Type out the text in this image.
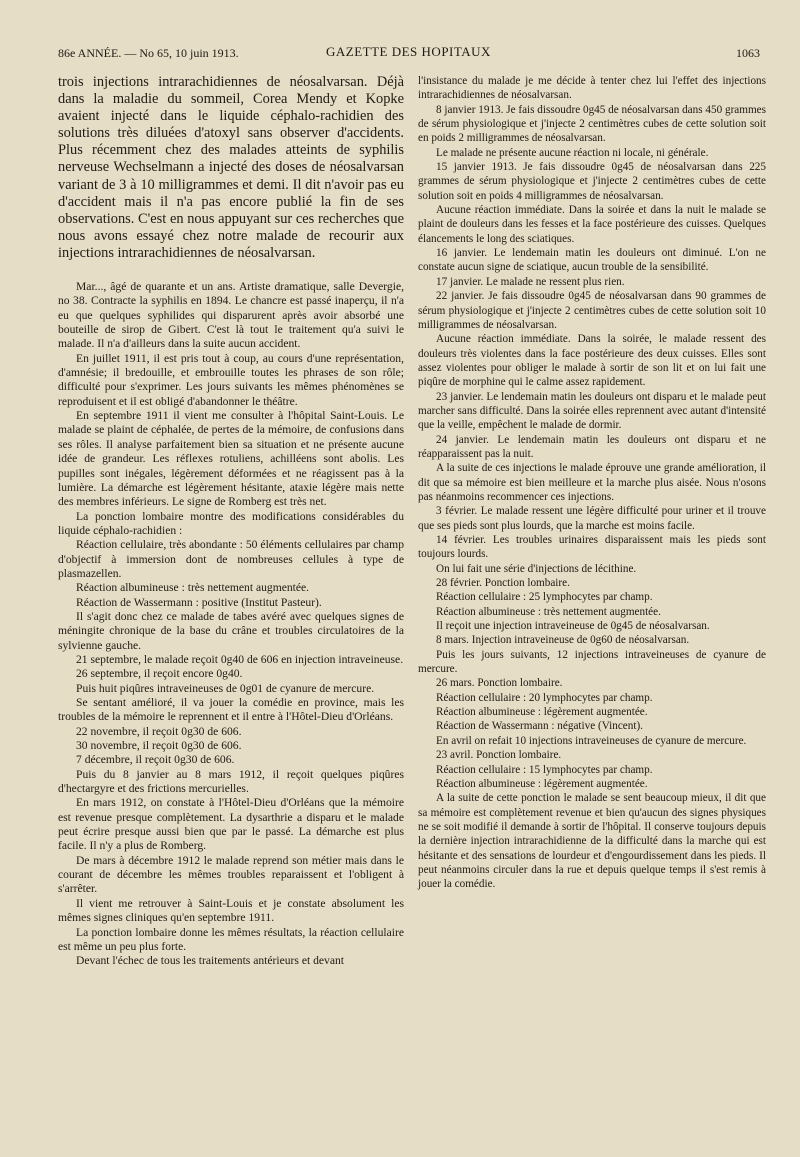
86e ANNÉE. — No 65, 10 juin 1913.	GAZETTE DES HOPITAUX	1063

trois injections intrarachidiennes de néosalvarsan. Déjà dans la maladie du sommeil, Corea Mendy et Kopke avaient injecté dans le liquide céphalo-rachidien des solutions très diluées d'atoxyl sans observer d'accidents. Plus récemment chez des malades atteints de syphilis nerveuse Wechselmann a injecté des doses de néosalvarsan variant de 3 à 10 milligrammes et demi. Il dit n'avoir pas eu d'accident mais il n'a pas encore publié la fin de ses observations. C'est en nous appuyant sur ces recherches que nous avons essayé chez notre malade de recourir aux injections intrarachidiennes de néosalvarsan.

Mar..., âgé de quarante et un ans. Artiste dramatique, salle Devergie, no 38. Contracte la syphilis en 1894. Le chancre est passé inaperçu, il n'a eu que quelques syphilides qui disparurent après avoir absorbé une bouteille de sirop de Gibert. C'est là tout le traitement qu'a suivi le malade. Il n'a d'ailleurs dans la suite aucun accident.

En juillet 1911, il est pris tout à coup, au cours d'une représentation, d'amnésie; il bredouille, et embrouille toutes les phrases de son rôle; difficulté pour s'exprimer. Les jours suivants les mêmes phénomènes se reproduisent et il est obligé d'abandonner le théâtre.

En septembre 1911 il vient me consulter à l'hôpital Saint-Louis. Le malade se plaint de céphalée, de pertes de la mémoire, de confusions dans ses rôles. Il analyse parfaitement bien sa situation et ne présente aucune idée de grandeur. Les réflexes rotuliens, achilléens sont abolis. Les pupilles sont inégales, légèrement déformées et ne réagissent pas à la lumière. La démarche est légèrement hésitante, ataxie légère mais nette des membres inférieurs. Le signe de Romberg est très net.

La ponction lombaire montre des modifications considérables du liquide céphalo-rachidien :

Réaction cellulaire, très abondante : 50 éléments cellulaires par champ d'objectif à immersion dont de nombreuses cellules à type de plasmazellen.

Réaction albumineuse : très nettement augmentée.

Réaction de Wassermann : positive (Institut Pasteur).

Il s'agit donc chez ce malade de tabes avéré avec quelques signes de méningite chronique de la base du crâne et troubles circulatoires de la sylvienne gauche.

21 septembre, le malade reçoit 0g40 de 606 en injection intraveineuse.

26 septembre, il reçoit encore 0g40.

Puis huit piqûres intraveineuses de 0g01 de cyanure de mercure.

Se sentant amélioré, il va jouer la comédie en province, mais les troubles de la mémoire le reprennent et il entre à l'Hôtel-Dieu d'Orléans.

22 novembre, il reçoit 0g30 de 606.

30 novembre, il reçoit 0g30 de 606.

7 décembre, il reçoit 0g30 de 606.

Puis du 8 janvier au 8 mars 1912, il reçoit quelques piqûres d'hectargyre et des frictions mercurielles.

En mars 1912, on constate à l'Hôtel-Dieu d'Orléans que la mémoire est revenue presque complètement. La dysarthrie a disparu et le malade peut écrire presque aussi bien que par le passé. La démarche est plus facile. Il n'y a plus de Romberg.

De mars à décembre 1912 le malade reprend son métier mais dans le courant de décembre les mêmes troubles reparaissent et l'obligent à s'arrêter.

Il vient me retrouver à Saint-Louis et je constate absolument les mêmes signes cliniques qu'en septembre 1911.

La ponction lombaire donne les mêmes résultats, la réaction cellulaire est même un peu plus forte.

Devant l'échec de tous les traitements antérieurs et devant

l'insistance du malade je me décide à tenter chez lui l'effet des injections intrarachidiennes de néosalvarsan.

8 janvier 1913. Je fais dissoudre 0g45 de néosalvarsan dans 450 grammes de sérum physiologique et j'injecte 2 centimètres cubes de cette solution soit en poids 2 milligrammes de néosalvarsan.

Le malade ne présente aucune réaction ni locale, ni générale.

15 janvier 1913. Je fais dissoudre 0g45 de néosalvarsan dans 225 grammes de sérum physiologique et j'injecte 2 centimètres cubes de cette solution soit en poids 4 milligrammes de néosalvarsan.

Aucune réaction immédiate. Dans la soirée et dans la nuit le malade se plaint de douleurs dans les fesses et la face postérieure des cuisses. Quelques élancements le long des sciatiques.

16 janvier. Le lendemain matin les douleurs ont diminué. L'on ne constate aucun signe de sciatique, aucun trouble de la sensibilité.

17 janvier. Le malade ne ressent plus rien.

22 janvier. Je fais dissoudre 0g45 de néosalvarsan dans 90 grammes de sérum physiologique et j'injecte 2 centimètres cubes de cette solution soit 10 milligrammes de néosalvarsan.

Aucune réaction immédiate. Dans la soirée, le malade ressent des douleurs très violentes dans la face postérieure des deux cuisses. Elles sont assez violentes pour obliger le malade à sortir de son lit et on lui fait une piqûre de morphine qui le calme assez rapidement.

23 janvier. Le lendemain matin les douleurs ont disparu et le malade peut marcher sans difficulté. Dans la soirée elles reprennent avec autant d'intensité que la veille, empêchent le malade de dormir.

24 janvier. Le lendemain matin les douleurs ont disparu et ne réapparaissent pas la nuit.

A la suite de ces injections le malade éprouve une grande amélioration, il dit que sa mémoire est bien meilleure et la marche plus aisée. Nous n'osons pas néanmoins recommencer ces injections.

3 février. Le malade ressent une légère difficulté pour uriner et il trouve que ses pieds sont plus lourds, que la marche est moins facile.

14 février. Les troubles urinaires disparaissent mais les pieds sont toujours lourds.

On lui fait une série d'injections de lécithine.

28 février. Ponction lombaire.

Réaction cellulaire : 25 lymphocytes par champ.

Réaction albumineuse : très nettement augmentée.

Il reçoit une injection intraveineuse de 0g45 de néosalvarsan.

8 mars. Injection intraveineuse de 0g60 de néosalvarsan.

Puis les jours suivants, 12 injections intraveineuses de cyanure de mercure.

26 mars. Ponction lombaire.

Réaction cellulaire : 20 lymphocytes par champ.

Réaction albumineuse : légèrement augmentée.

Réaction de Wassermann : négative (Vincent).

En avril on refait 10 injections intraveineuses de cyanure de mercure.

23 avril. Ponction lombaire.

Réaction cellulaire : 15 lymphocytes par champ.

Réaction albumineuse : légèrement augmentée.

A la suite de cette ponction le malade se sent beaucoup mieux, il dit que sa mémoire est complètement revenue et bien qu'aucun des signes physiques ne se soit modifié il demande à sortir de l'hôpital. Il conserve toujours depuis la dernière injection intrarachidienne de la difficulté dans la marche qui est hésitante et des sensations de lourdeur et d'engourdissement dans les pieds. Il peut néanmoins circuler dans la rue et depuis quelque temps il s'est remis à jouer la comédie.
